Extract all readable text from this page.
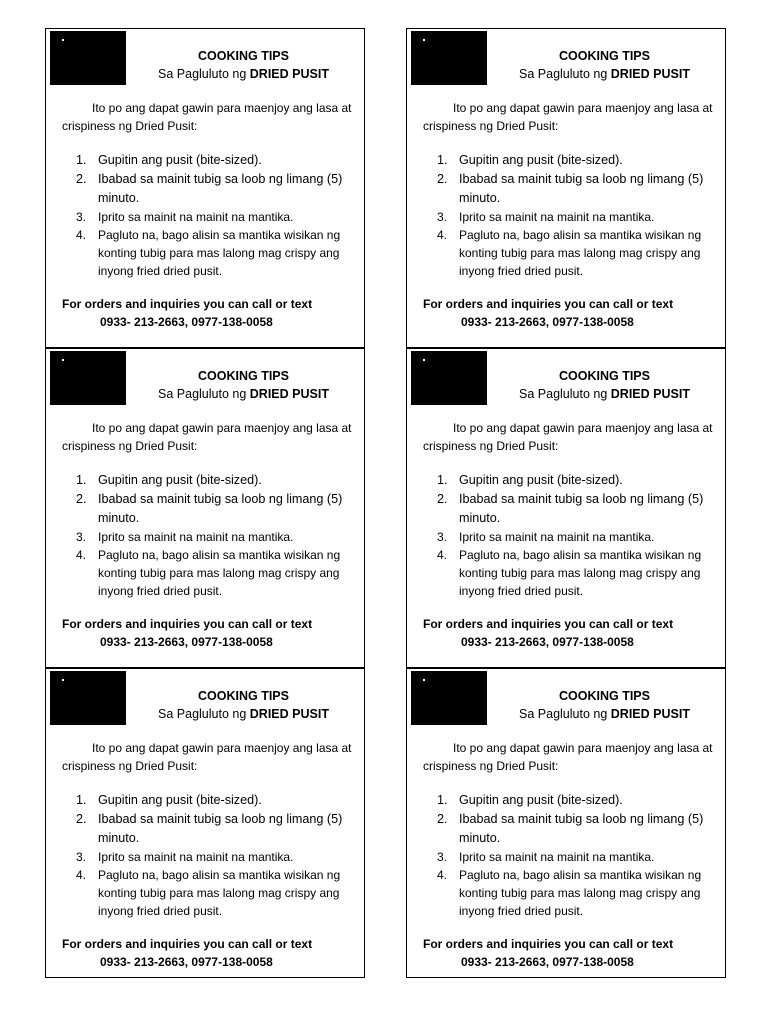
COOKING TIPS
Sa Pagluluto ng DRIED PUSIT
Ito po ang dapat gawin para maenjoy ang lasa at crispiness ng Dried Pusit:
1. Gupitin ang pusit (bite-sized).
2. Ibabad sa mainit tubig sa loob ng limang (5) minuto.
3. Iprito sa mainit na mainit na mantika.
4. Pagluto na, bago alisin sa mantika wisikan ng konting tubig para mas lalong mag crispy ang inyong fried dried pusit.
For orders and inquiries you can call or text
0933- 213-2663, 0977-138-0058
COOKING TIPS
Sa Pagluluto ng DRIED PUSIT
Ito po ang dapat gawin para maenjoy ang lasa at crispiness ng Dried Pusit:
1. Gupitin ang pusit (bite-sized).
2. Ibabad sa mainit tubig sa loob ng limang (5) minuto.
3. Iprito sa mainit na mainit na mantika.
4. Pagluto na, bago alisin sa mantika wisikan ng konting tubig para mas lalong mag crispy ang inyong fried dried pusit.
For orders and inquiries you can call or text
0933- 213-2663, 0977-138-0058
COOKING TIPS
Sa Pagluluto ng DRIED PUSIT
Ito po ang dapat gawin para maenjoy ang lasa at crispiness ng Dried Pusit:
1. Gupitin ang pusit (bite-sized).
2. Ibabad sa mainit tubig sa loob ng limang (5) minuto.
3. Iprito sa mainit na mainit na mantika.
4. Pagluto na, bago alisin sa mantika wisikan ng konting tubig para mas lalong mag crispy ang inyong fried dried pusit.
For orders and inquiries you can call or text
0933- 213-2663, 0977-138-0058
COOKING TIPS
Sa Pagluluto ng DRIED PUSIT
Ito po ang dapat gawin para maenjoy ang lasa at crispiness ng Dried Pusit:
1. Gupitin ang pusit (bite-sized).
2. Ibabad sa mainit tubig sa loob ng limang (5) minuto.
3. Iprito sa mainit na mainit na mantika.
4. Pagluto na, bago alisin sa mantika wisikan ng konting tubig para mas lalong mag crispy ang inyong fried dried pusit.
For orders and inquiries you can call or text
0933- 213-2663, 0977-138-0058
COOKING TIPS
Sa Pagluluto ng DRIED PUSIT
Ito po ang dapat gawin para maenjoy ang lasa at crispiness ng Dried Pusit:
1. Gupitin ang pusit (bite-sized).
2. Ibabad sa mainit tubig sa loob ng limang (5) minuto.
3. Iprito sa mainit na mainit na mantika.
4. Pagluto na, bago alisin sa mantika wisikan ng konting tubig para mas lalong mag crispy ang inyong fried dried pusit.
For orders and inquiries you can call or text
0933- 213-2663, 0977-138-0058
COOKING TIPS
Sa Pagluluto ng DRIED PUSIT
Ito po ang dapat gawin para maenjoy ang lasa at crispiness ng Dried Pusit:
1. Gupitin ang pusit (bite-sized).
2. Ibabad sa mainit tubig sa loob ng limang (5) minuto.
3. Iprito sa mainit na mainit na mantika.
4. Pagluto na, bago alisin sa mantika wisikan ng konting tubig para mas lalong mag crispy ang inyong fried dried pusit.
For orders and inquiries you can call or text
0933- 213-2663, 0977-138-0058
